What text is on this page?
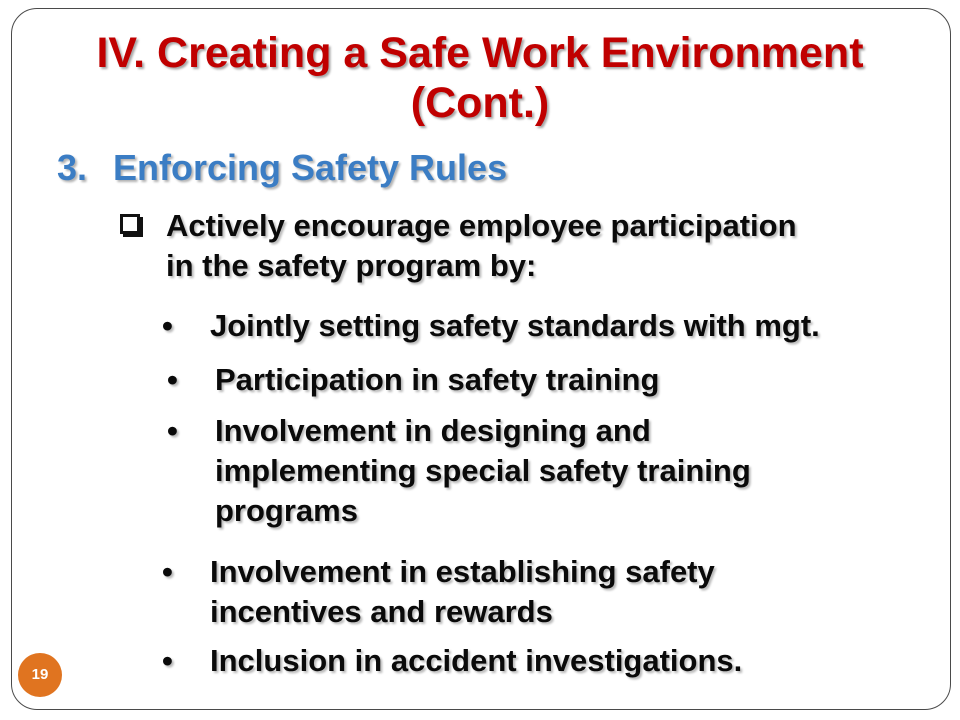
IV. Creating a Safe Work Environment
(Cont.)
3. Enforcing Safety Rules
Actively encourage employee participation
in the safety program by:
• Jointly setting safety standards with mgt.
• Participation in safety training
• Involvement in designing and
implementing special safety training
programs
• Involvement in establishing safety
incentives and rewards
• Inclusion in accident investigations.
19
